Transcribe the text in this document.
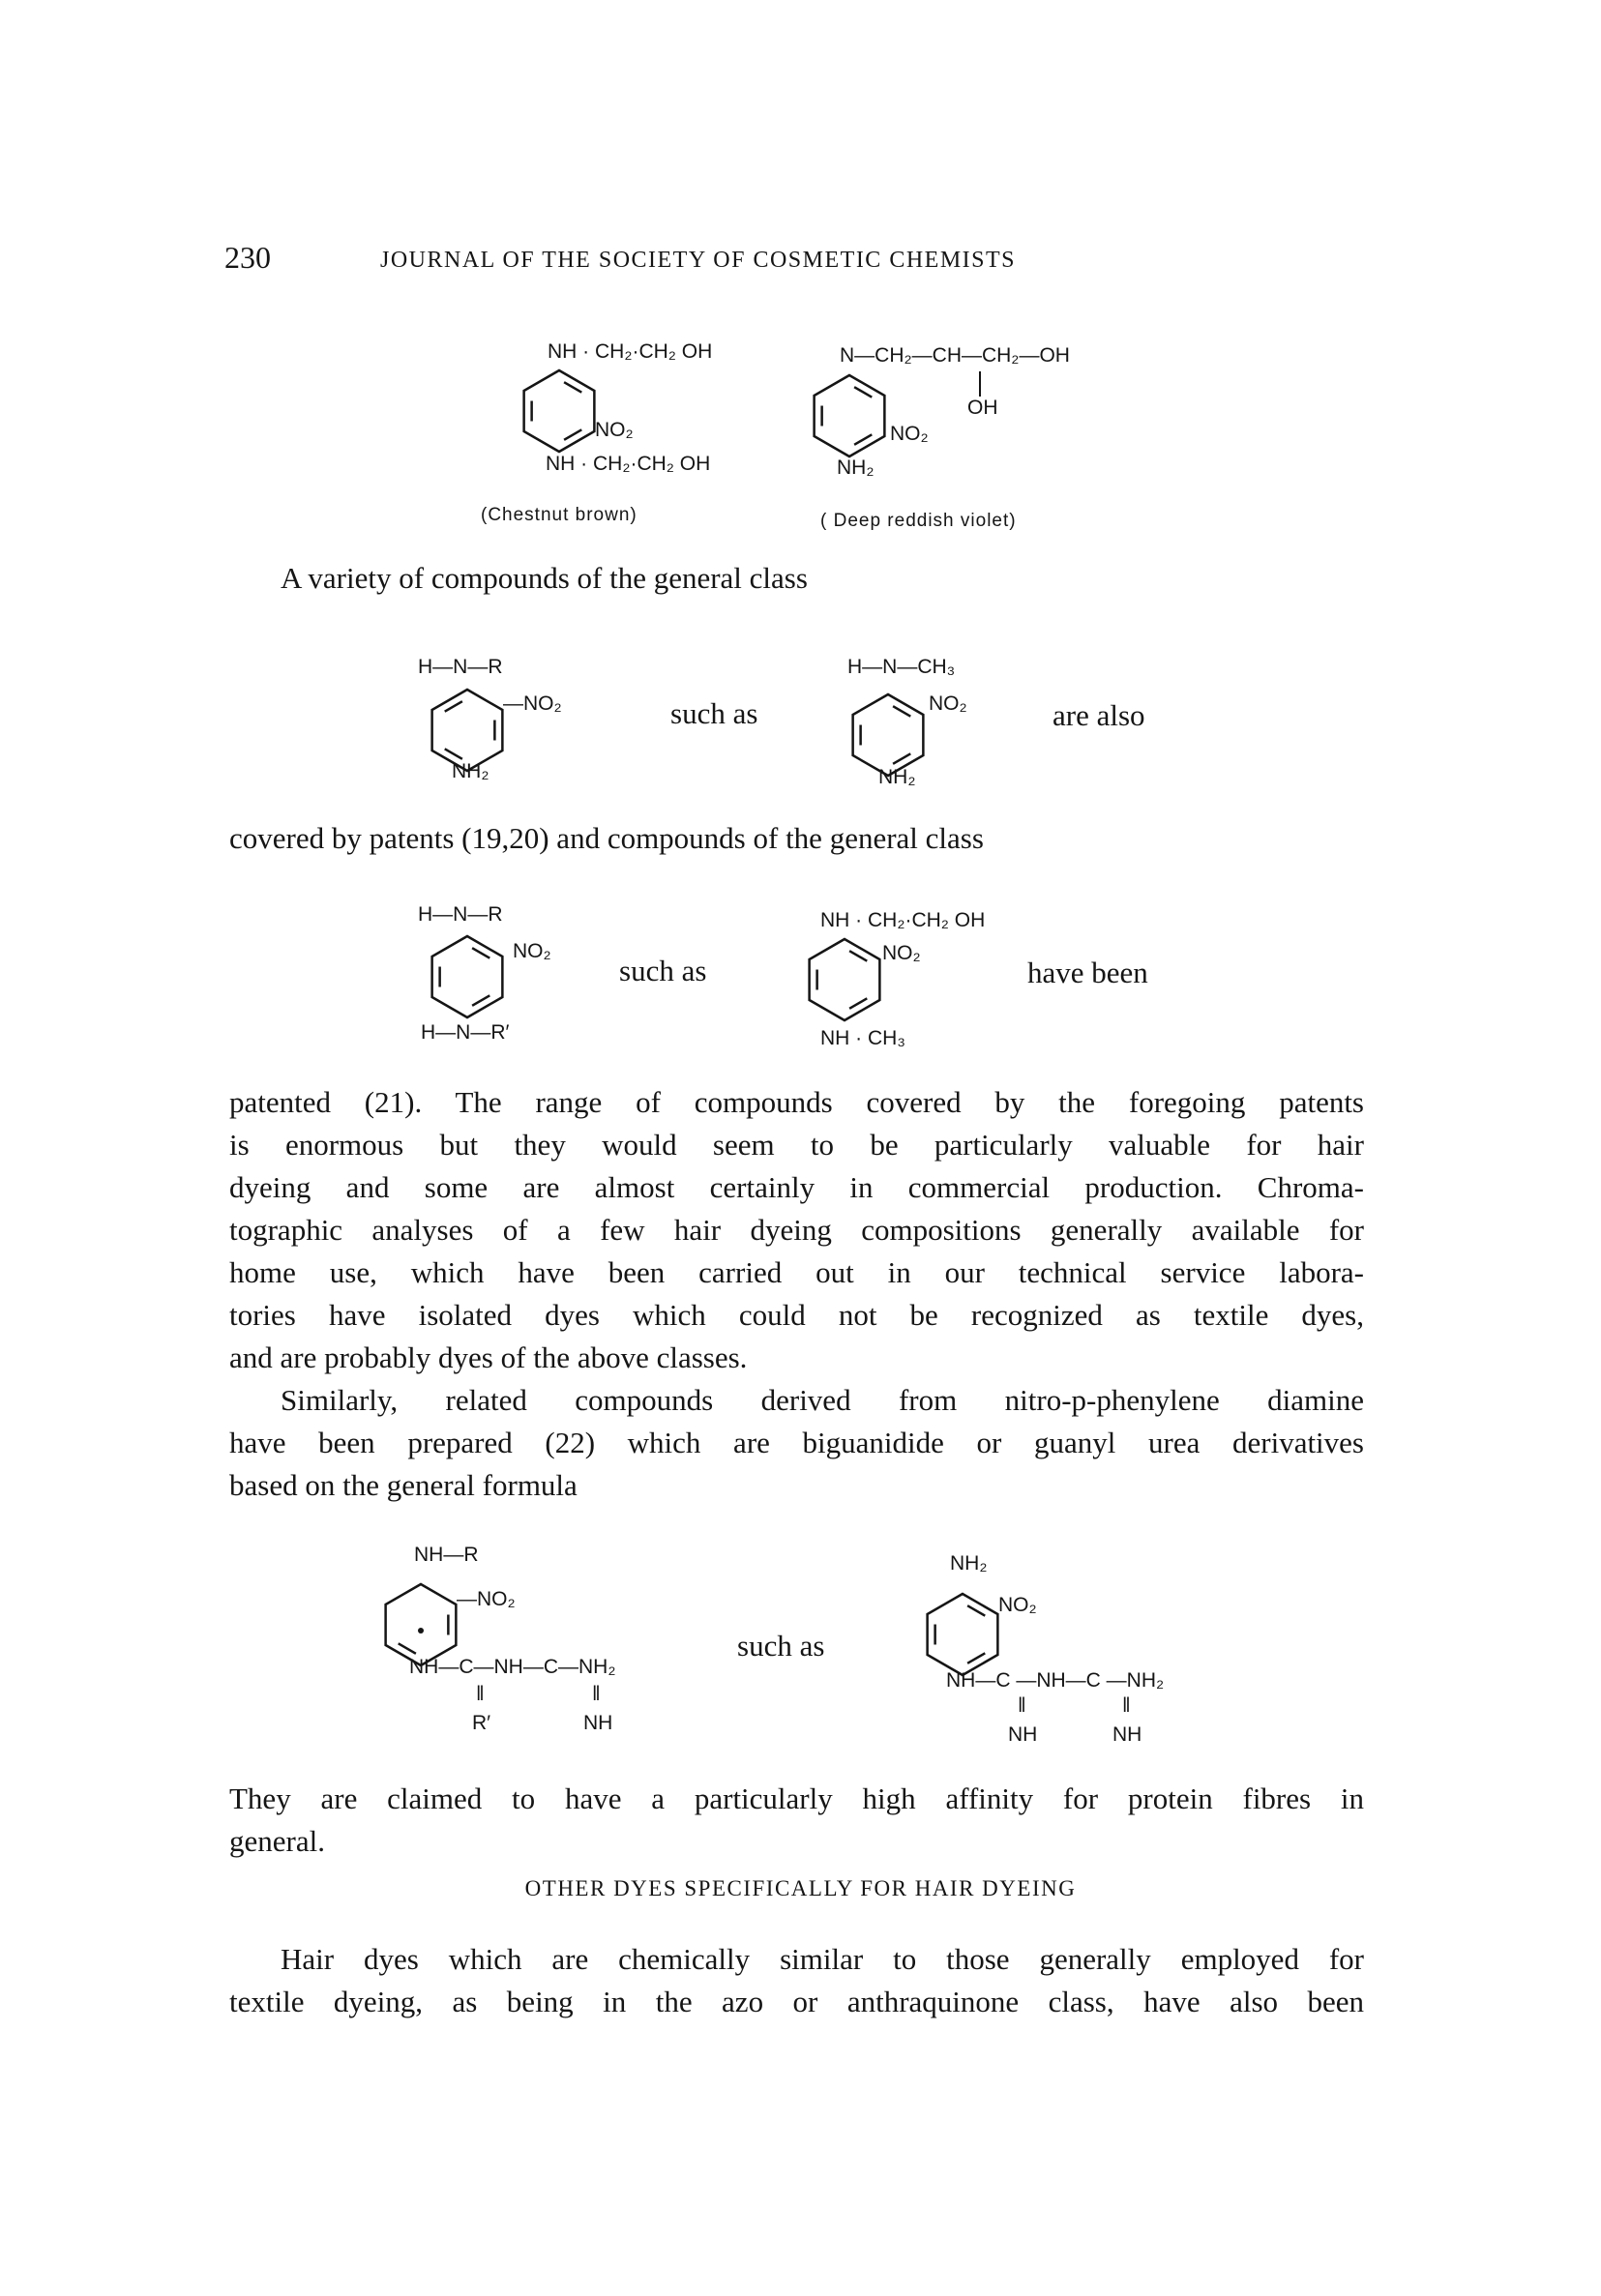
230	JOURNAL OF THE SOCIETY OF COSMETIC CHEMISTS
NH · CH₂·CH₂ OH
NO₂
NH · CH₂·CH₂ OH
(Chestnut brown)
N—CH₂—CH—CH₂—OH
OH
NO₂
NH₂
( Deep reddish violet)
A variety of compounds of the general class
H—N—R
—NO₂
NH₂
such as
H—N—CH₃
NO₂
NH₂
are also
covered by patents (19,20) and compounds of the general class
H—N—R
NO₂
H—N—R′
such as
NH · CH₂·CH₂ OH
NO₂
NH · CH₃
have been
patented (21). The range of compounds covered by the foregoing patents
is enormous but they would seem to be particularly valuable for hair
dyeing and some are almost certainly in commercial production. Chroma-
tographic analyses of a few hair dyeing compositions generally available for
home use, which have been carried out in our technical service labora-
tories have isolated dyes which could not be recognized as textile dyes,
and are probably dyes of the above classes.
Similarly, related compounds derived from nitro-p-phenylene diamine
have been prepared (22) which are biguanidide or guanyl urea derivatives
based on the general formula
NH—R
—NO₂
NH—C—NH—C—NH₂
‖	‖
R′	NH
such as
NH₂
NO₂
NH—C —NH—C —NH₂
‖	‖
NH	NH
They are claimed to have a particularly high affinity for protein fibres in
general.
OTHER DYES SPECIFICALLY FOR HAIR DYEING
Hair dyes which are chemically similar to those generally employed for
textile dyeing, as being in the azo or anthraquinone class, have also been
